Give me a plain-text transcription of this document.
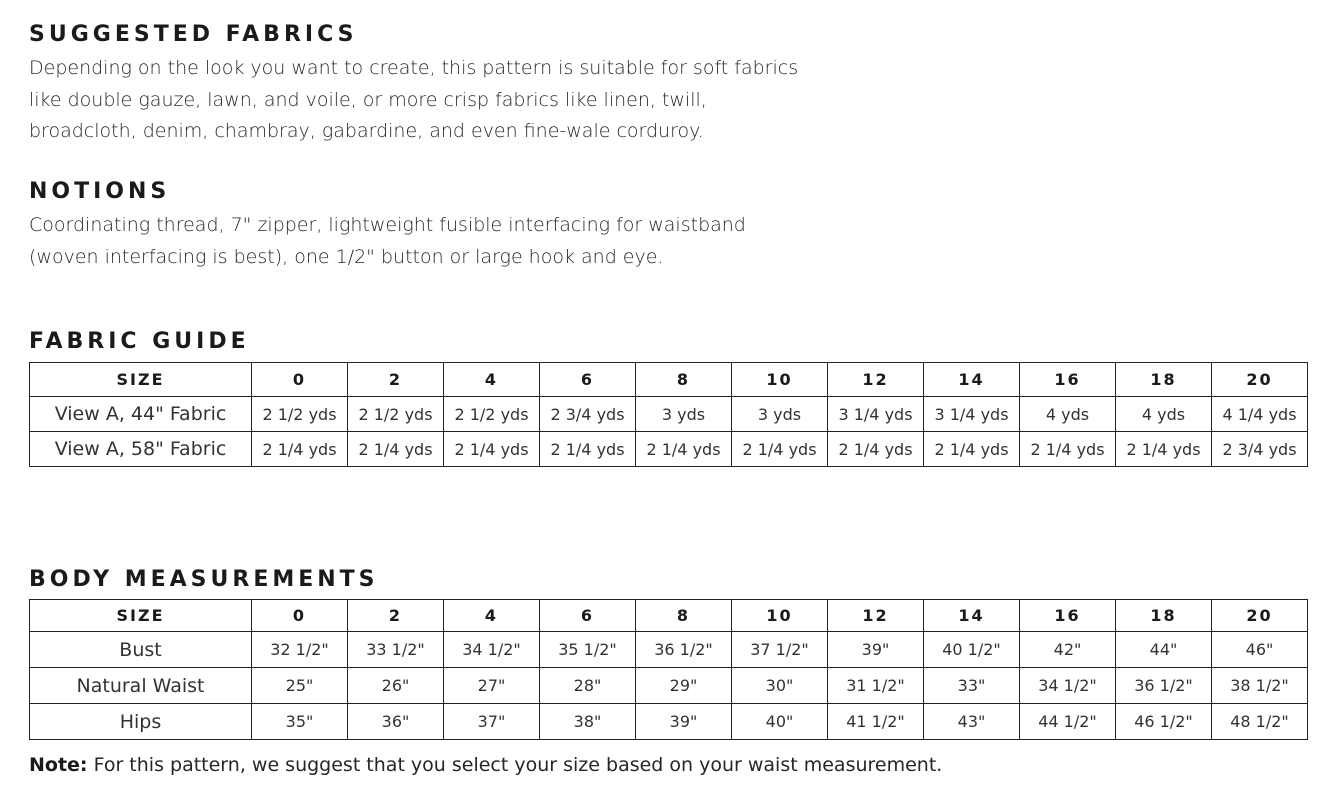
SUGGESTED FABRICS
Depending on the look you want to create, this pattern is suitable for soft fabrics
like double gauze, lawn, and voile, or more crisp fabrics like linen, twill,
broadcloth, denim, chambray, gabardine, and even fine-wale corduroy.
NOTIONS
Coordinating thread, 7" zipper, lightweight fusible interfacing for waistband
(woven interfacing is best), one 1/2" button or large hook and eye.
FABRIC GUIDE
SIZE	0	2	4	6	8	10	12	14	16	18	20
View A, 44" Fabric	2 1/2 yds	2 1/2 yds	2 1/2 yds	2 3/4 yds	3 yds	3 yds	3 1/4 yds	3 1/4 yds	4 yds	4 yds	4 1/4 yds
View A, 58" Fabric	2 1/4 yds	2 1/4 yds	2 1/4 yds	2 1/4 yds	2 1/4 yds	2 1/4 yds	2 1/4 yds	2 1/4 yds	2 1/4 yds	2 1/4 yds	2 3/4 yds
BODY MEASUREMENTS
SIZE	0	2	4	6	8	10	12	14	16	18	20
Bust	32 1/2"	33 1/2"	34 1/2"	35 1/2"	36 1/2"	37 1/2"	39"	40 1/2"	42"	44"	46"
Natural Waist	25"	26"	27"	28"	29"	30"	31 1/2"	33"	34 1/2"	36 1/2"	38 1/2"
Hips	35"	36"	37"	38"	39"	40"	41 1/2"	43"	44 1/2"	46 1/2"	48 1/2"

Note: For this pattern, we suggest that you select your size based on your waist measurement.
